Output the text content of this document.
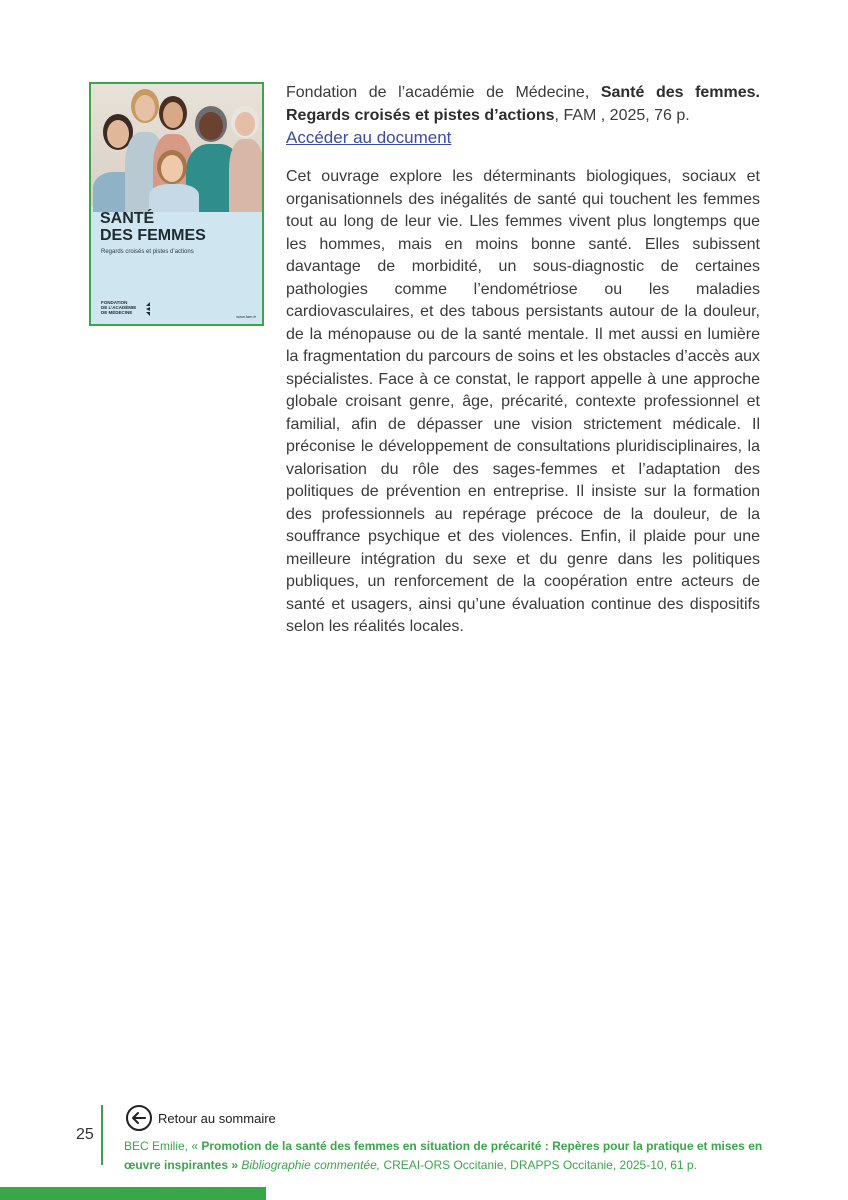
SANTÉ
DES FEMMES
Regards croisés et pistes d’actions
FONDATION
DE L’ACADÉMIE
DE MÉDECINE
www.fam.fr
Fondation de l’académie de Médecine, Santé des femmes. Regards croisés et pistes d’actions, FAM , 2025, 76 p.
Accéder au document

Cet ouvrage explore les déterminants biologiques, sociaux et organisationnels des inégalités de santé qui touchent les femmes tout au long de leur vie. Lles femmes vivent plus longtemps que les hommes, mais en moins bonne santé. Elles subissent davantage de morbidité, un sous-diagnostic de certaines pathologies comme l’endométriose ou les maladies cardiovasculaires, et des tabous persistants autour de la douleur, de la ménopause ou de la santé mentale. Il met aussi en lumière la fragmentation du parcours de soins et les obstacles d’accès aux spécialistes. Face à ce constat, le rapport appelle à une approche globale croisant genre, âge, précarité, contexte professionnel et familial, afin de dépasser une vision strictement médicale. Il préconise le développement de consultations pluridisciplinaires, la valorisation du rôle des sages-femmes et l’adaptation des politiques de prévention en entreprise. Il insiste sur la formation des professionnels au repérage précoce de la douleur, de la souffrance psychique et des violences. Enfin, il plaide pour une meilleure intégration du sexe et du genre dans les politiques publiques, un renforcement de la coopération entre acteurs de santé et usagers, ainsi qu’une évaluation continue des dispositifs selon les réalités locales.

25
Retour au sommaire
BEC Emilie, « Promotion de la santé des femmes en situation de précarité : Repères pour la pratique et mises en œuvre inspirantes » Bibliographie commentée, CREAI-ORS Occitanie, DRAPPS Occitanie, 2025-10, 61 p.
